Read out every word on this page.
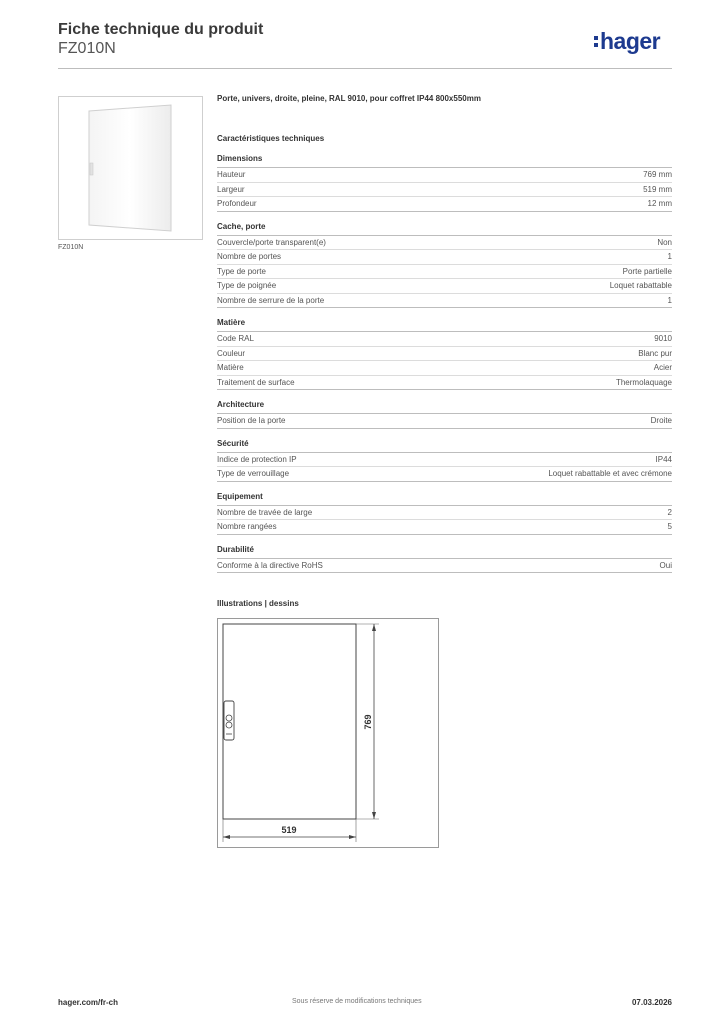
Fiche technique du produit
FZ010N	hager
FZ010N
Porte, univers, droite, pleine, RAL 9010, pour coffret IP44 800x550mm
Caractéristiques techniques
Dimensions
Hauteur	769 mm
Largeur	519 mm
Profondeur	12 mm
Cache, porte
Couvercle/porte transparent(e)	Non
Nombre de portes	1
Type de porte	Porte partielle
Type de poignée	Loquet rabattable
Nombre de serrure de la porte	1
Matière
Code RAL	9010
Couleur	Blanc pur
Matière	Acier
Traitement de surface	Thermolaquage
Architecture
Position de la porte	Droite
Sécurité
Indice de protection IP	IP44
Type de verrouillage	Loquet rabattable et avec crémone
Equipement
Nombre de travée de large	2
Nombre rangées	5
Durabilité
Conforme à la directive RoHS	Oui
Illustrations | dessins
769
519
hager.com/fr-ch	Sous réserve de modifications techniques	07.03.2026
